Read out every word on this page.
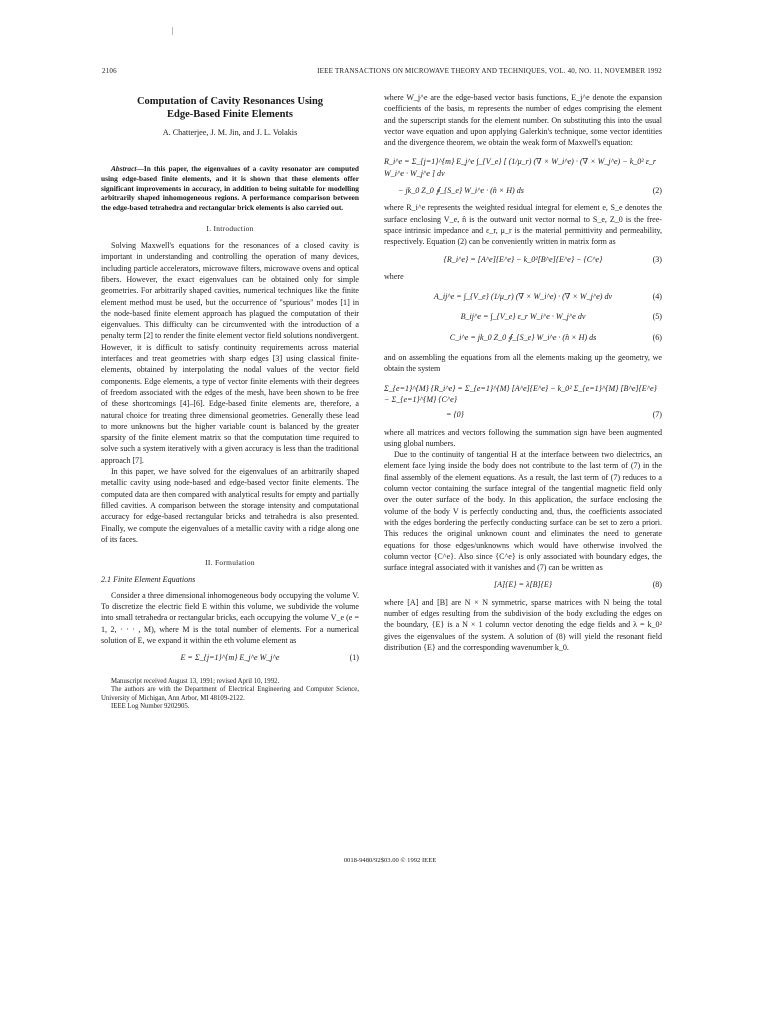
2106	IEEE TRANSACTIONS ON MICROWAVE THEORY AND TECHNIQUES, VOL. 40, NO. 11, NOVEMBER 1992
Computation of Cavity Resonances Using
Edge-Based Finite Elements
A. Chatterjee, J. M. Jin, and J. L. Volakis
Abstract—In this paper, the eigenvalues of a cavity resonator are computed using edge-based finite elements, and it is shown that these elements offer significant improvements in accuracy, in addition to being suitable for modelling arbitrarily shaped inhomogeneous regions. A performance comparison between the edge-based tetrahedra and rectangular brick elements is also carried out.
I. Introduction

Solving Maxwell's equations for the resonances of a closed cavity is important in understanding and controlling the operation of many devices, including particle accelerators, microwave filters, microwave ovens and optical fibers. However, the exact eigenvalues can be obtained only for simple geometries. For arbitrarily shaped cavities, numerical techniques like the finite element method must be used, but the occurrence of "spurious" modes [1] in the node-based finite element approach has plagued the computation of their eigenvalues. This difficulty can be circumvented with the introduction of a penalty term [2] to render the finite element vector field solutions nondivergent. However, it is difficult to satisfy continuity requirements across material interfaces and treat geometries with sharp edges [3] using classical finite-elements, obtained by interpolating the nodal values of the vector field components. Edge elements, a type of vector finite elements with their degrees of freedom associated with the edges of the mesh, have been shown to be free of these shortcomings [4]–[6]. Edge-based finite elements are, therefore, a natural choice for treating three dimensional geometries. Generally these lead to more unknowns but the higher variable count is balanced by the greater sparsity of the finite element matrix so that the computation time required to solve such a system iteratively with a given accuracy is less than the traditional approach [7].

In this paper, we have solved for the eigenvalues of an arbitrarily shaped metallic cavity using node-based and edge-based vector finite elements. The computed data are then compared with analytical results for empty and partially filled cavities. A comparison between the storage intensity and computational accuracy for edge-based rectangular bricks and tetrahedra is also presented. Finally, we compute the eigenvalues of a metallic cavity with a ridge along one of its faces.

II. Formulation
2.1 Finite Element Equations

Consider a three dimensional inhomogeneous body occupying the volume V. To discretize the electric field E within this volume, we subdivide the volume into small tetrahedra or rectangular bricks, each occupying the volume V_e (e = 1, 2, · · · , M), where M is the total number of elements. For a numerical solution of E, we expand it within the eth volume element as

E = Σ_{j=1}^{m} E_j^e W_j^e	(1)

Manuscript received August 13, 1991; revised April 10, 1992.

The authors are with the Department of Electrical Engineering and Computer Science, University of Michigan, Ann Arbor, MI 48109-2122.

IEEE Log Number 9202905.

where W_j^e are the edge-based vector basis functions, E_j^e denote the expansion coefficients of the basis, m represents the number of edges comprising the element and the superscript stands for the element number. On substituting this into the usual vector wave equation and upon applying Galerkin's technique, some vector identities and the divergence theorem, we obtain the weak form of Maxwell's equation:

R_i^e = Σ_{j=1}^{m} E_j^e ∫_{V_e} [ (1/μ_r) (∇ × W_i^e) · (∇ × W_j^e) − k_0² ε_r W_i^e · W_j^e ] dv
− jk_0 Z_0 ∮_{S_e} W_i^e · (n̂ × H) ds	(2)

where R_i^e represents the weighted residual integral for element e, S_e denotes the surface enclosing V_e, n̂ is the outward unit vector normal to S_e, Z_0 is the free-space intrinsic impedance and ε_r, μ_r is the material permittivity and permeability, respectively. Equation (2) can be conveniently written in matrix form as

{R_i^e} = [A^e]{E^e} − k_0²[B^e]{E^e} − {C^e}	(3)

where

A_ij^e = ∫_{V_e} (1/μ_r) (∇ × W_i^e) · (∇ × W_j^e) dv	(4)
B_ij^e = ∫_{V_e} ε_r W_i^e · W_j^e dv	(5)
C_i^e = jk_0 Z_0 ∮_{S_e} W_i^e · (n̂ × H) ds	(6)

and on assembling the equations from all the elements making up the geometry, we obtain the system

Σ_{e=1}^{M} {R_i^e} = Σ_{e=1}^{M} [A^e]{E^e} − k_0² Σ_{e=1}^{M} [B^e]{E^e} − Σ_{e=1}^{M} {C^e}
= {0}	(7)

where all matrices and vectors following the summation sign have been augmented using global numbers.

Due to the continuity of tangential H at the interface between two dielectrics, an element face lying inside the body does not contribute to the last term of (7) in the final assembly of the element equations. As a result, the last term of (7) reduces to a column vector containing the surface integral of the tangential magnetic field only over the outer surface of the body. In this application, the surface enclosing the volume of the body V is perfectly conducting and, thus, the coefficients associated with the edges bordering the perfectly conducting surface can be set to zero a priori. This reduces the original unknown count and eliminates the need to generate equations for those edges/unknowns which would have otherwise involved the column vector {C^e}. Also since {C^e} is only associated with boundary edges, the surface integral associated with it vanishes and (7) can be written as

[A]{E} = λ[B]{E}	(8)

where [A] and [B] are N × N symmetric, sparse matrices with N being the total number of edges resulting from the subdivision of the body excluding the edges on the boundary, {E} is a N × 1 column vector denoting the edge fields and λ = k_0² gives the eigenvalues of the system. A solution of (8) will yield the resonant field distribution {E} and the corresponding wavenumber k_0.

0018-9480/92$03.00 © 1992 IEEE
